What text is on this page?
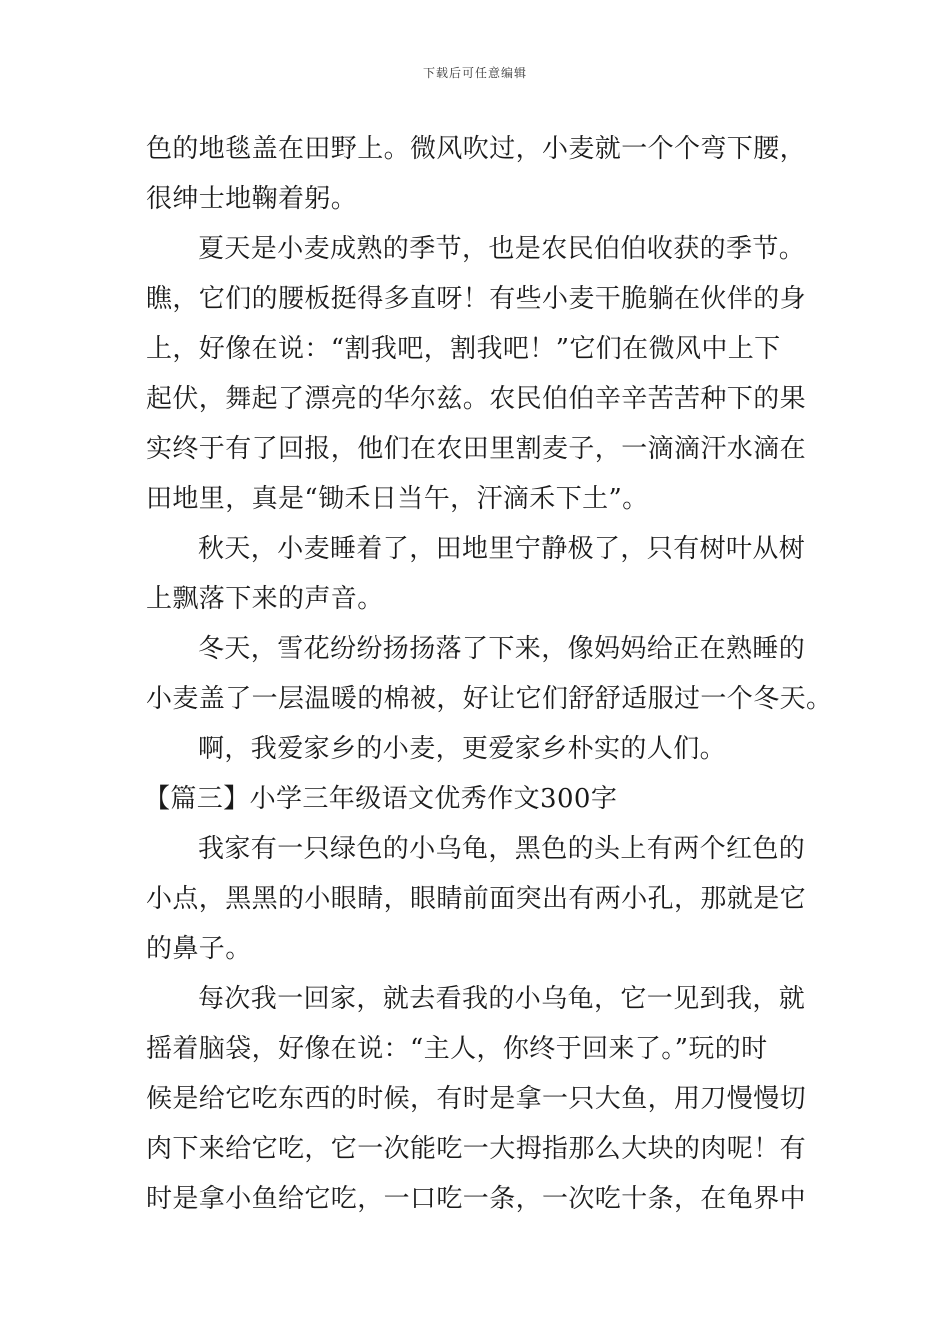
下载后可任意编辑
色的地毯盖在田野上。微风吹过，小麦就一个个弯下腰，
很绅士地鞠着躬。
夏天是小麦成熟的季节，也是农民伯伯收获的季节。
瞧，它们的腰板挺得多直呀！有些小麦干脆躺在伙伴的身
上，好像在说：“割我吧，割我吧！”它们在微风中上下
起伏，舞起了漂亮的华尔兹。农民伯伯辛辛苦苦种下的果
实终于有了回报，他们在农田里割麦子，一滴滴汗水滴在
田地里，真是“锄禾日当午，汗滴禾下土”。
秋天，小麦睡着了，田地里宁静极了，只有树叶从树
上飘落下来的声音。
冬天，雪花纷纷扬扬落了下来，像妈妈给正在熟睡的
小麦盖了一层温暖的棉被，好让它们舒舒适服过一个冬天。
啊，我爱家乡的小麦，更爱家乡朴实的人们。
【篇三】小学三年级语文优秀作文300字
我家有一只绿色的小乌龟，黑色的头上有两个红色的
小点，黑黑的小眼睛，眼睛前面突出有两小孔，那就是它
的鼻子。
每次我一回家，就去看我的小乌龟，它一见到我，就
摇着脑袋，好像在说：“主人，你终于回来了。”玩的时
候是给它吃东西的时候，有时是拿一只大鱼，用刀慢慢切
肉下来给它吃，它一次能吃一大拇指那么大块的肉呢！有
时是拿小鱼给它吃，一口吃一条，一次吃十条，在龟界中
